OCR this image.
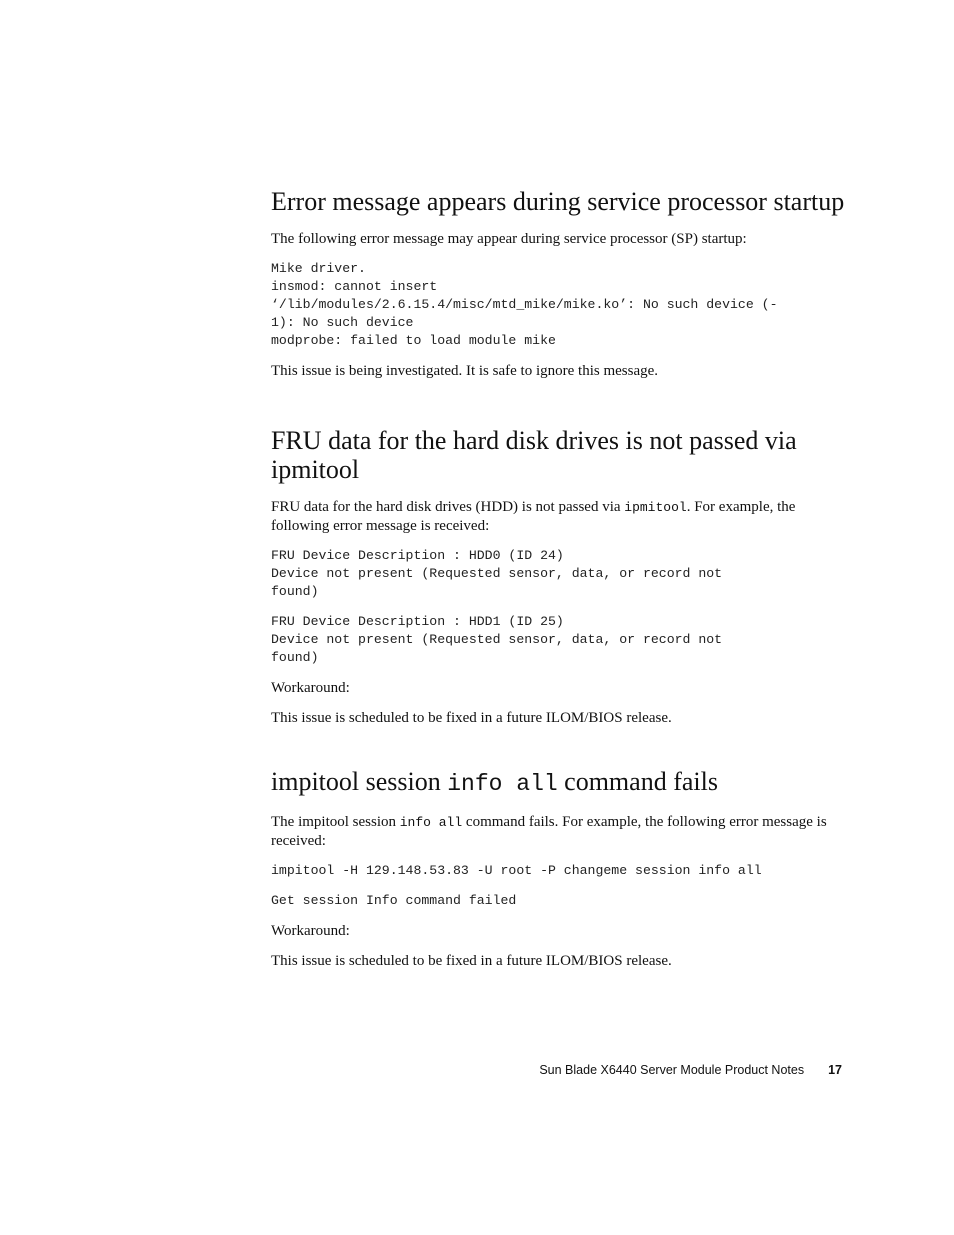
Error message appears during service processor startup

The following error message may appear during service processor (SP) startup:

Mike driver.
insmod: cannot insert
‘/lib/modules/2.6.15.4/misc/mtd_mike/mike.ko’: No such device (-
1): No such device
modprobe: failed to load module mike

This issue is being investigated. It is safe to ignore this message.

FRU data for the hard disk drives is not passed via ipmitool

FRU data for the hard disk drives (HDD) is not passed via ipmitool. For example, the following error message is received:

FRU Device Description : HDD0 (ID 24)
Device not present (Requested sensor, data, or record not
found)
FRU Device Description : HDD1 (ID 25)
Device not present (Requested sensor, data, or record not
found)

Workaround:

This issue is scheduled to be fixed in a future ILOM/BIOS release.

impitool session info all command fails

The impitool session info all command fails. For example, the following error message is received:

impitool -H 129.148.53.83 -U root -P changeme session info all
Get session Info command failed

Workaround:

This issue is scheduled to be fixed in a future ILOM/BIOS release.

Sun Blade X6440 Server Module Product Notes 17
